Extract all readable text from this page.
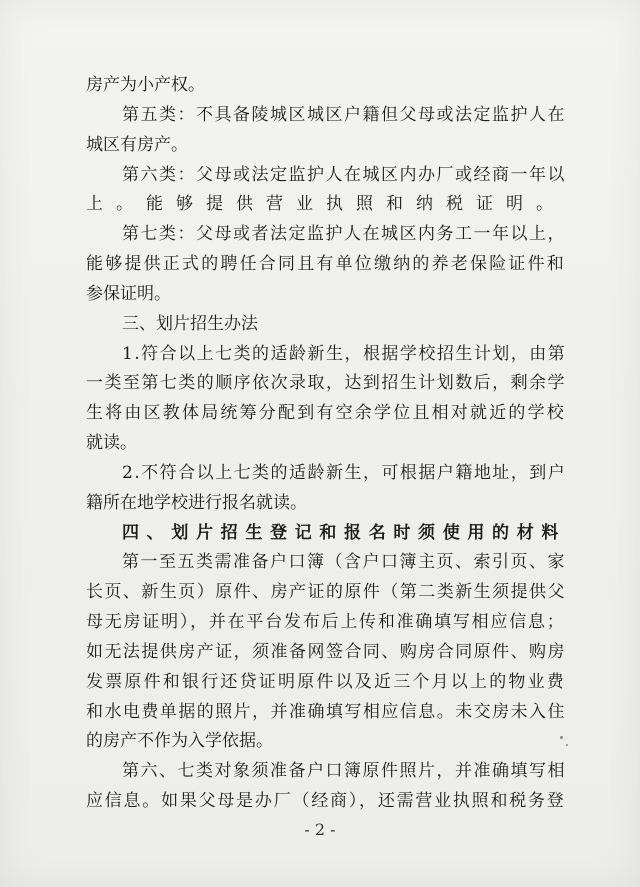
房产为小产权。
第五类：不具备陵城区城区户籍但父母或法定监护人在
城区有房产。
第六类：父母或法定监护人在城区内办厂或经商一年以
上。能够提供营业执照和纳税证明。
第七类：父母或者法定监护人在城区内务工一年以上，
能够提供正式的聘任合同且有单位缴纳的养老保险证件和
参保证明。
三、划片招生办法
1.符合以上七类的适龄新生，根据学校招生计划，由第
一类至第七类的顺序依次录取，达到招生计划数后，剩余学
生将由区教体局统筹分配到有空余学位且相对就近的学校
就读。
2.不符合以上七类的适龄新生，可根据户籍地址，到户
籍所在地学校进行报名就读。
四、划片招生登记和报名时须使用的材料
第一至五类需准备户口簿（含户口簿主页、索引页、家
长页、新生页）原件、房产证的原件（第二类新生须提供父
母无房证明），并在平台发布后上传和准确填写相应信息；
如无法提供房产证，须准备网签合同、购房合同原件、购房
发票原件和银行还贷证明原件以及近三个月以上的物业费
和水电费单据的照片，并准确填写相应信息。未交房未入住
的房产不作为入学依据。
第六、七类对象须准备户口簿原件照片，并准确填写相
应信息。如果父母是办厂（经商），还需营业执照和税务登
- 2 -
